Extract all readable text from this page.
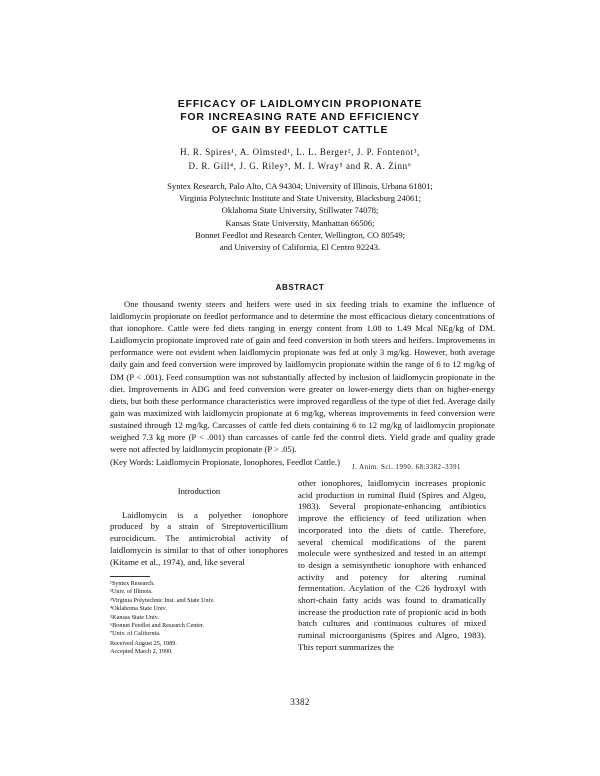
EFFICACY OF LAIDLOMYCIN PROPIONATE
FOR INCREASING RATE AND EFFICIENCY
OF GAIN BY FEEDLOT CATTLE
H. R. Spires¹, A. Olmsted¹, L. L. Berger², J. P. Fontenot³,
D. R. Gill⁴, J. G. Riley⁵, M. I. Wray⁵ and R. A. Zinn⁶
Syntex Research, Palo Alto, CA 94304; University of Illinois, Urbana 61801;
Virginia Polytechnic Institute and State University, Blacksburg 24061;
Oklahoma State University, Stillwater 74078;
Kansas State University, Manhattan 66506;
Bonnet Feedlot and Research Center, Wellington, CO 80549;
and University of California, El Centro 92243.
ABSTRACT
One thousand twenty steers and heifers were used in six feeding trials to examine the influence of laidlomycin propionate on feedlot performance and to determine the most efficacious dietary concentrations of that ionophore. Cattle were fed diets ranging in energy content from 1.08 to 1.49 Mcal NEg/kg of DM. Laidlomycin propionate improved rate of gain and feed conversion in both steers and heifers. Improvements in performance were not evident when laidlomycin propionate was fed at only 3 mg/kg. However, both average daily gain and feed conversion were improved by laidlomycin propionate within the range of 6 to 12 mg/kg of DM (P < .001). Feed consumption was not substantially affected by inclusion of laidlomycin propionate in the diet. Improvements in ADG and feed conversion were greater on lower-energy diets than on higher-energy diets, but both these performance characteristics were improved regardless of the type of diet fed. Average daily gain was maximized with laidlomycin propionate at 6 mg/kg, whereas improvements in feed conversion were sustained through 12 mg/kg. Carcasses of cattle fed diets containing 6 to 12 mg/kg of laidlomycin propionate weighed 7.3 kg more (P < .001) than carcasses of cattle fed the control diets. Yield grade and quality grade were not affected by laidlomycin propionate (P > .05).
(Key Words: Laidlomycin Propionate, Ionophores, Feedlot Cattle.)
J. Anim. Sci. 1990. 68:3382–3391
Introduction

Laidlomycin is a polyether ionophore produced by a strain of Streptoverticillium eurocidicum. The antimicrobial activity of laidlomycin is similar to that of other ionophores (Kitame et al., 1974), and, like several

other ionophores, laidlomycin increases propionic acid production in ruminal fluid (Spires and Algeo, 1983). Several propionate-enhancing antibiotics improve the efficiency of feed utilization when incorporated into the diets of cattle. Therefore, several chemical modifications of the parent molecule were synthesized and tested in an attempt to design a semisynthetic ionophore with enhanced activity and potency for altering ruminal fermentation. Acylation of the C26 hydroxyl with short-chain fatty acids was found to dramatically increase the production rate of propionic acid in both batch cultures and continuous cultures of mixed ruminal microorganisms (Spires and Algeo, 1983). This report summarizes the

¹Syntex Research.
²Univ. of Illinois.
³Virginia Polytechnic Inst. and State Univ.
⁴Oklahoma State Univ.
⁵Kansas State Univ.
⁶Bonnet Feedlot and Research Center.
⁷Univ. of California.
Received August 25, 1989.
Accepted March 2, 1990.
3382
